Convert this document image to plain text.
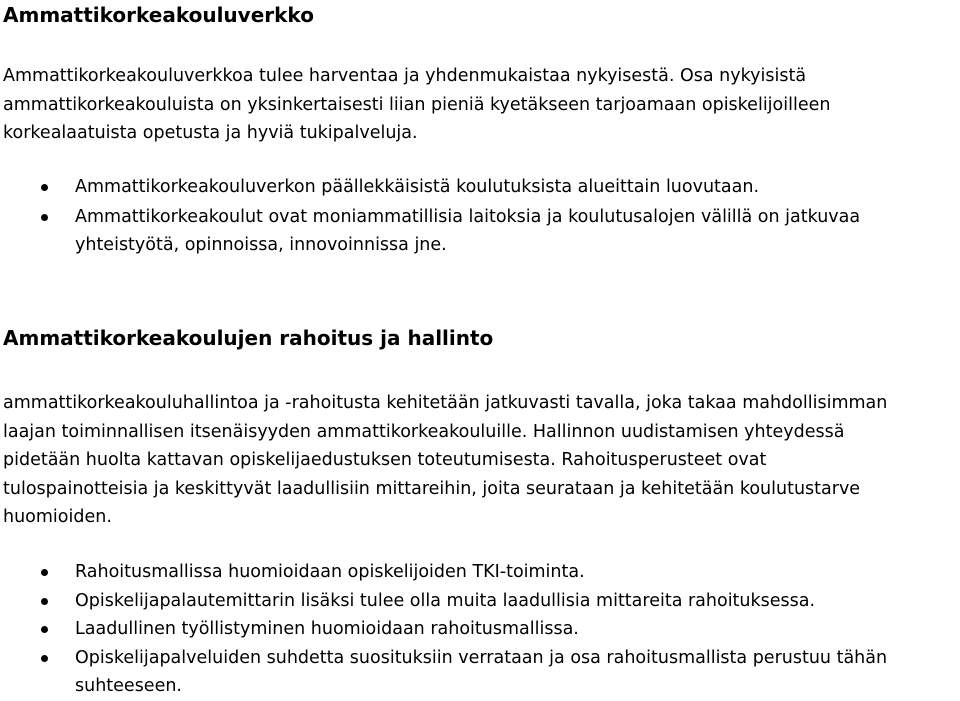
Ammattikorkeakouluverkko

Ammattikorkeakouluverkkoa tulee harventaa ja yhdenmukaistaa nykyisestä. Osa nykyisistä
ammattikorkeakouluista on yksinkertaisesti liian pieniä kyetäkseen tarjoamaan opiskelijoilleen
korkealaatuista opetusta ja hyviä tukipalveluja.

Ammattikorkeakouluverkon päällekkäisistä koulutuksista alueittain luovutaan.
Ammattikorkeakoulut ovat moniammatillisia laitoksia ja koulutusalojen välillä on jatkuvaa
yhteistyötä, opinnoissa, innovoinnissa jne.
Ammattikorkeakoulujen rahoitus ja hallinto

ammattikorkeakouluhallintoa ja -rahoitusta kehitetään jatkuvasti tavalla, joka takaa mahdollisimman
laajan toiminnallisen itsenäisyyden ammattikorkeakouluille. Hallinnon uudistamisen yhteydessä
pidetään huolta kattavan opiskelijaedustuksen toteutumisesta. Rahoitusperusteet ovat
tulospainotteisia ja keskittyvät laadullisiin mittareihin, joita seurataan ja kehitetään koulutustarve
huomioiden.

Rahoitusmallissa huomioidaan opiskelijoiden TKI-toiminta.
Opiskelijapalautemittarin lisäksi tulee olla muita laadullisia mittareita rahoituksessa.
Laadullinen työllistyminen huomioidaan rahoitusmallissa.
Opiskelijapalveluiden suhdetta suosituksiin verrataan ja osa rahoitusmallista perustuu tähän
suhteeseen.
